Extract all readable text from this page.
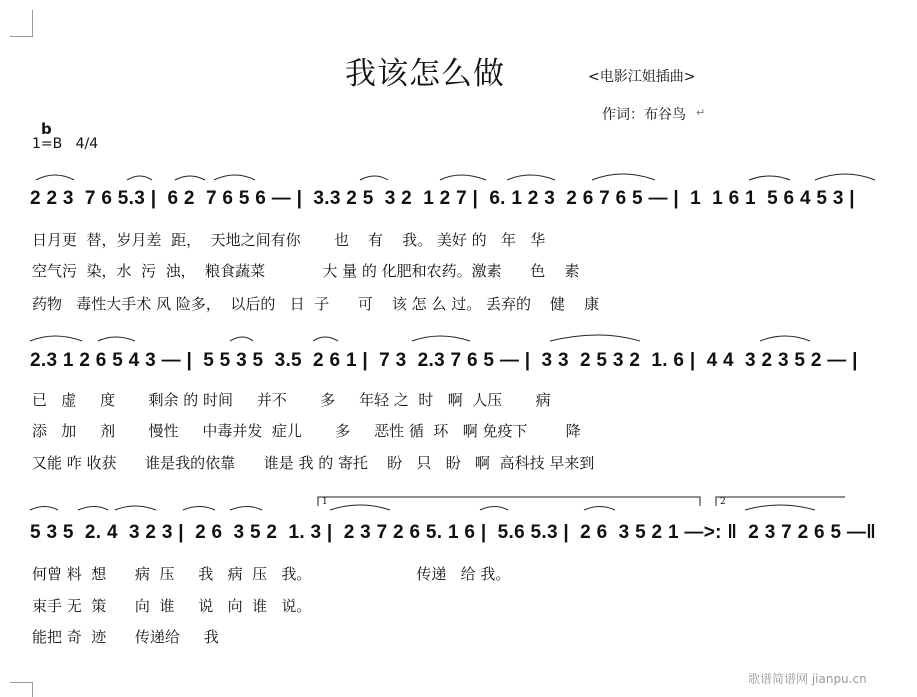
我该怎么做	<电影江姐插曲>
作词：布谷鸟 ↵
b
1=B   4/4
1	2
2 2 3  7 6 5.3 |  6 2  7 6 5 6 — |  3.3 2 5  3 2  1 2 7 |  6. 1 2 3  2 6 7 6 5 — |  1  1 6 1  5 6 4 5 3 |
日月更  替，岁月差  距，  天地之间有你       也    有    我。 美好 的   年   华
空气污  染，水  污  浊，  粮食蔬菜            大 量 的 化肥和农药。激素      色    素
药物   毒性大手术 风 险多，  以后的   日  子      可    该 怎 么 过。 丢弃的    健    康
2.3 1 2 6 5 4 3 — |  5 5 3 5  3.5  2 6 1 |  7 3  2.3 7 6 5 — |  3 3  2 5 3 2  1. 6 |  4 4  3 2 3 5 2 — |
已   虚     度       剩余 的 时间     并不       多     年轻 之  时   啊  人压       病
添   加     剂       慢性     中毒并发  症儿       多     恶性 循  环   啊 免疫下        降
又能 咋 收获      谁是我的依靠      谁是 我 的 寄托    盼   只   盼   啊  高科技 早来到
5 3 5  2. 4  3 2 3 |  2 6  3 5 2  1. 3 |  2 3 7 2 6 5. 1 6 |  5.6 5.3 |  2 6  3 5 2 1 —>: ‖  2 3 7 2 6 5 —‖
何曾 料  想      病  压     我   病  压   我。                      传递   给 我。
束手 无  策      向  谁     说   向  谁   说。
能把 奇  迹      传递给     我
歌谱简谱网 jianpu.cn
